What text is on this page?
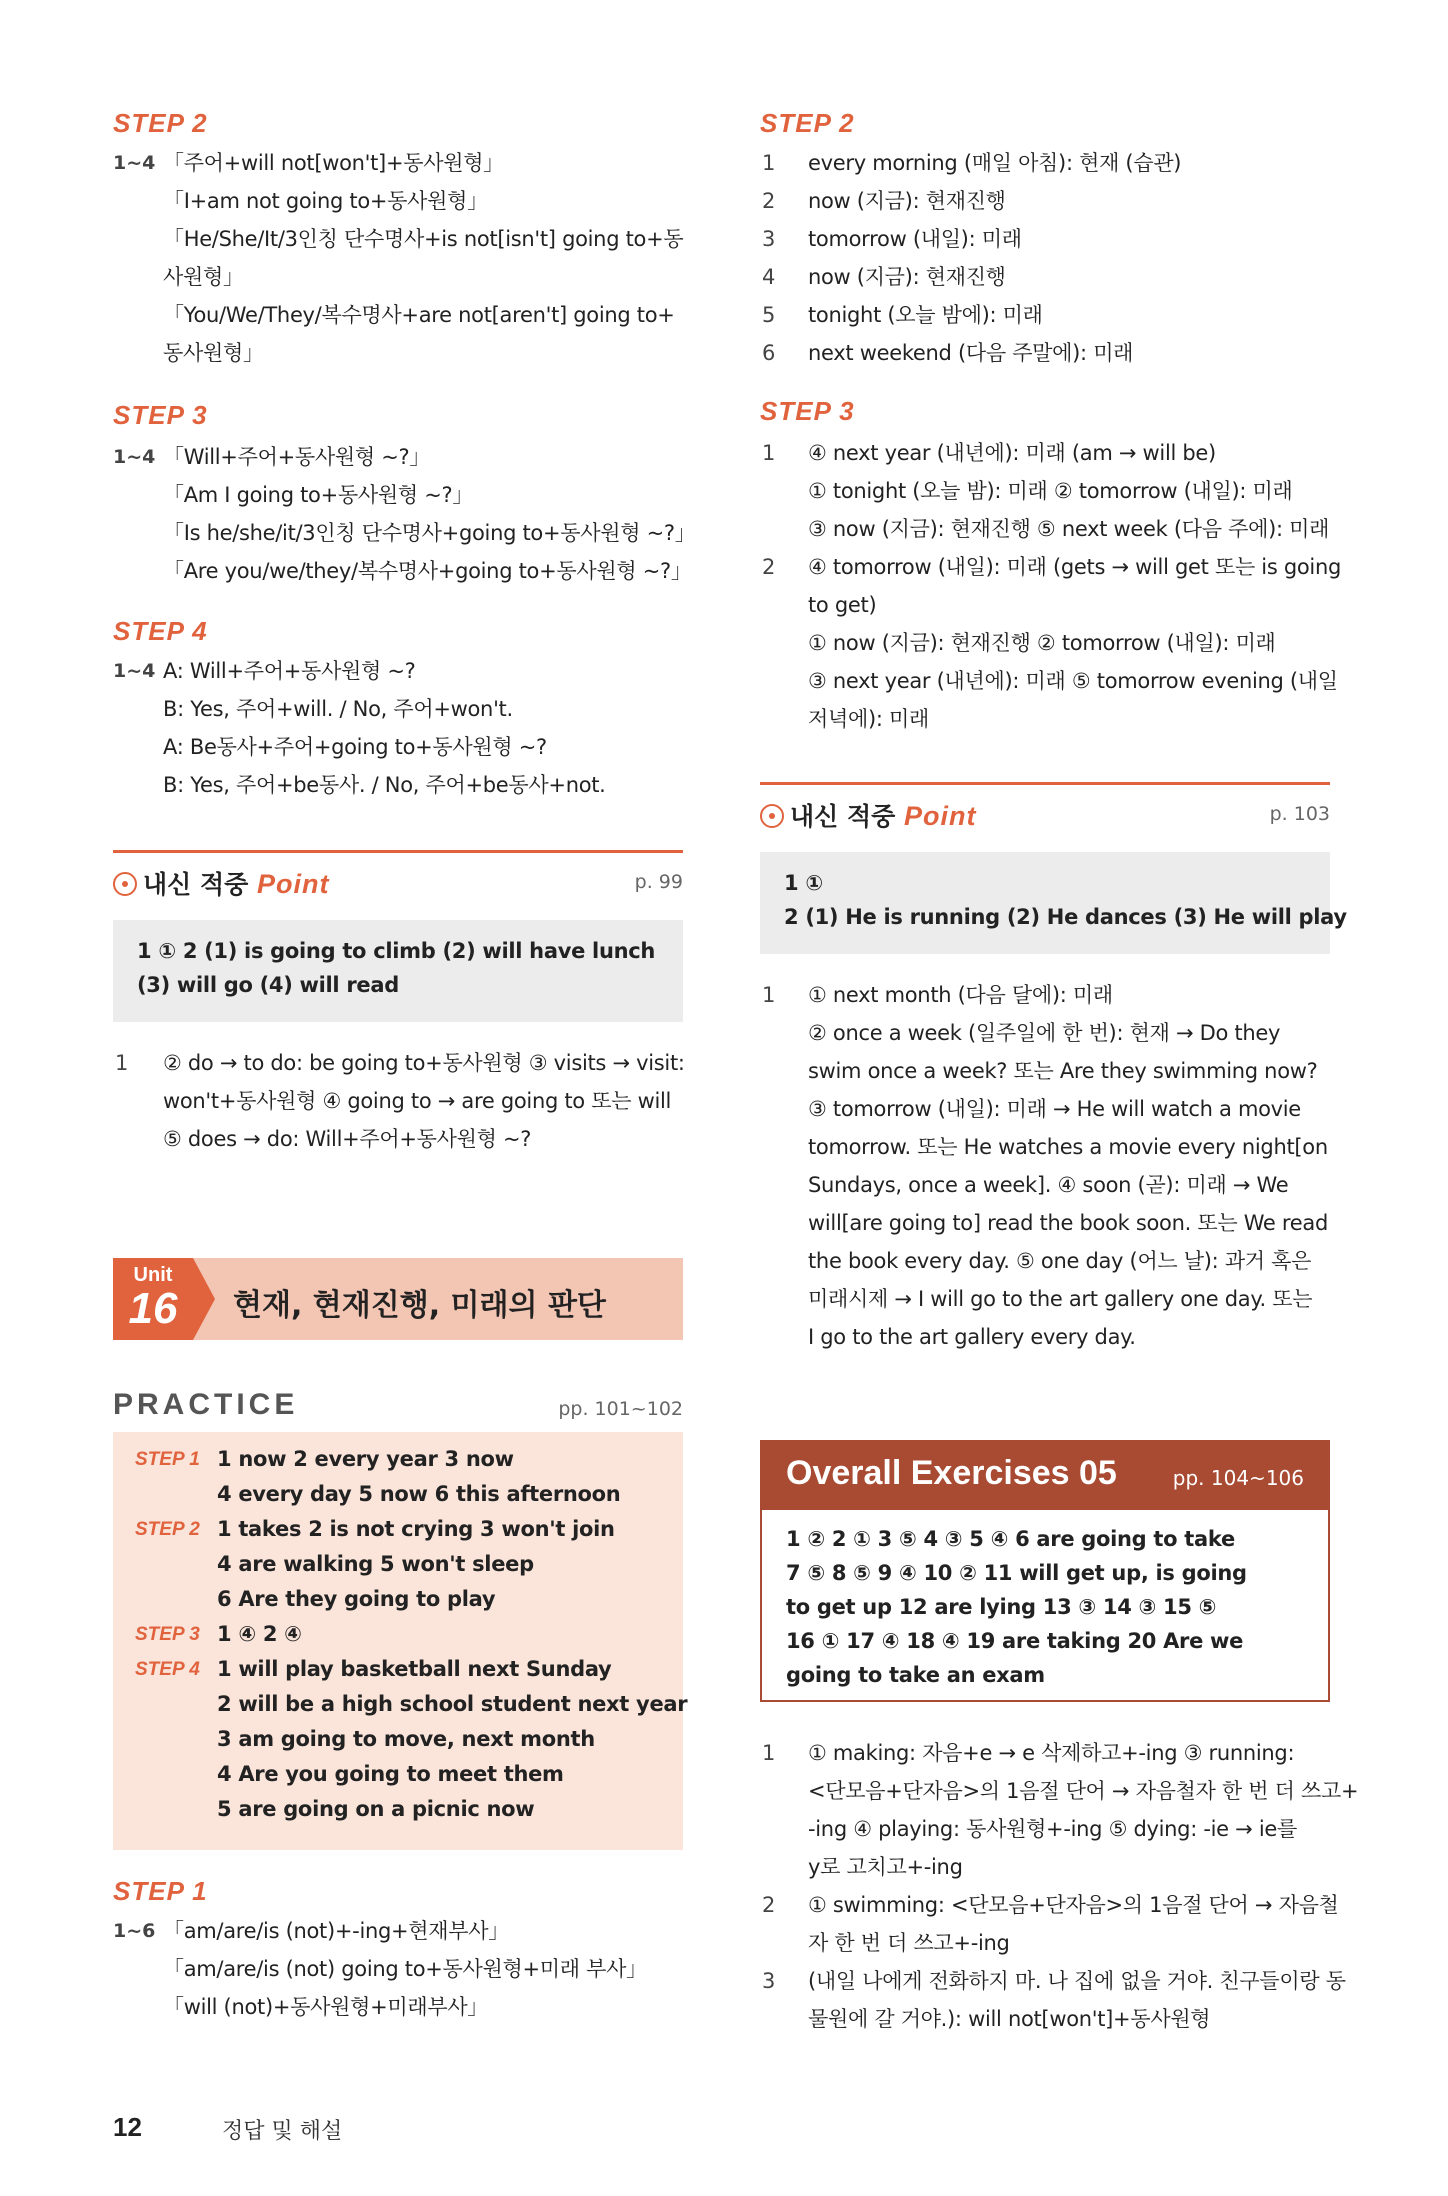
STEP 2
1~4 「주어+will not[won't]+동사원형」
「I+am not going to+동사원형」
「He/She/It/3인칭 단수명사+is not[isn't] going to+동
사원형」
「You/We/They/복수명사+are not[aren't] going to+
동사원형」
STEP 3
1~4 「Will+주어+동사원형 ~?」
「Am I going to+동사원형 ~?」
「Is he/she/it/3인칭 단수명사+going to+동사원형 ~?」
「Are you/we/they/복수명사+going to+동사원형 ~?」
STEP 4
1~4 A: Will+주어+동사원형 ~?
B: Yes, 주어+will. / No, 주어+won't.
A: Be동사+주어+going to+동사원형 ~?
B: Yes, 주어+be동사. / No, 주어+be동사+not.
내신 적중 Point	p. 99
1 ① 2 (1) is going to climb (2) will have lunch
(3) will go (4) will read
1 ② do → to do: be going to+동사원형 ③ visits → visit:
won't+동사원형 ④ going to → are going to 또는 will
⑤ does → do: Will+주어+동사원형 ~?
Unit
16	현재, 현재진행, 미래의 판단
PRACTICE	pp. 101~102
STEP 1 1 now 2 every year 3 now
4 every day 5 now 6 this afternoon
STEP 2 1 takes 2 is not crying 3 won't join
4 are walking 5 won't sleep
6 Are they going to play
STEP 3 1 ④ 2 ④
STEP 4 1 will play basketball next Sunday
2 will be a high school student next year
3 am going to move, next month
4 Are you going to meet them
5 are going on a picnic now
STEP 1
1~6 「am/are/is (not)+-ing+현재부사」
「am/are/is (not) going to+동사원형+미래 부사」
「will (not)+동사원형+미래부사」
STEP 2
1 every morning (매일 아침): 현재 (습관)
2 now (지금): 현재진행
3 tomorrow (내일): 미래
4 now (지금): 현재진행
5 tonight (오늘 밤에): 미래
6 next weekend (다음 주말에): 미래
STEP 3
1 ④ next year (내년에): 미래 (am → will be)
① tonight (오늘 밤): 미래 ② tomorrow (내일): 미래
③ now (지금): 현재진행 ⑤ next week (다음 주에): 미래
2 ④ tomorrow (내일): 미래 (gets → will get 또는 is going
to get)
① now (지금): 현재진행 ② tomorrow (내일): 미래
③ next year (내년에): 미래 ⑤ tomorrow evening (내일
저녁에): 미래
내신 적중 Point	p. 103
1 ①
2 (1) He is running (2) He dances (3) He will play
1 ① next month (다음 달에): 미래
② once a week (일주일에 한 번): 현재 → Do they
swim once a week? 또는 Are they swimming now?
③ tomorrow (내일): 미래 → He will watch a movie
tomorrow. 또는 He watches a movie every night[on
Sundays, once a week]. ④ soon (곧): 미래 → We
will[are going to] read the book soon. 또는 We read
the book every day. ⑤ one day (어느 날): 과거 혹은
미래시제 → I will go to the art gallery one day. 또는
I go to the art gallery every day.
Overall Exercises 05	pp. 104~106
1 ② 2 ① 3 ⑤ 4 ③ 5 ④ 6 are going to take
7 ⑤ 8 ⑤ 9 ④ 10 ② 11 will get up, is going
to get up 12 are lying 13 ③ 14 ③ 15 ⑤
16 ① 17 ④ 18 ④ 19 are taking 20 Are we
going to take an exam
1 ① making: 자음+e → e 삭제하고+-ing ③ running:
<단모음+단자음>의 1음절 단어 → 자음철자 한 번 더 쓰고+
-ing ④ playing: 동사원형+-ing ⑤ dying: -ie → ie를
y로 고치고+-ing
2 ① swimming: <단모음+단자음>의 1음절 단어 → 자음철
자 한 번 더 쓰고+-ing
3 (내일 나에게 전화하지 마. 나 집에 없을 거야. 친구들이랑 동
물원에 갈 거야.): will not[won't]+동사원형
12	정답 및 해설
